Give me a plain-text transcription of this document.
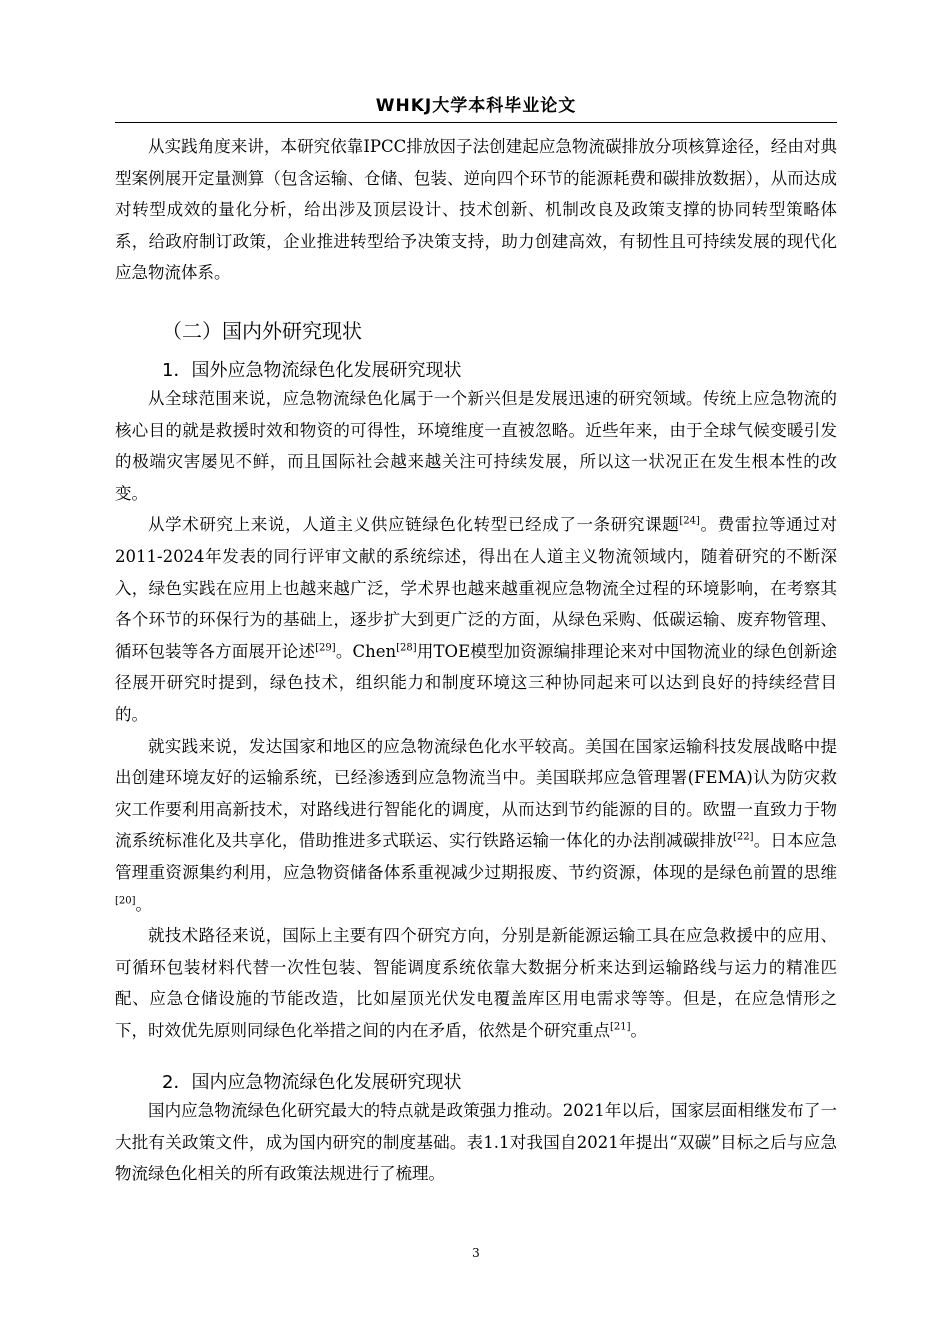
WHKJ大学本科毕业论文

从实践角度来讲，本研究依靠IPCC排放因子法创建起应急物流碳排放分项核算途径，经由对典型案例展开定量测算（包含运输、仓储、包装、逆向四个环节的能源耗费和碳排放数据），从而达成对转型成效的量化分析，给出涉及顶层设计、技术创新、机制改良及政策支撑的协同转型策略体系，给政府制订政策，企业推进转型给予决策支持，助力创建高效，有韧性且可持续发展的现代化应急物流体系。

（二）国内外研究现状
1．国外应急物流绿色化发展研究现状

从全球范围来说，应急物流绿色化属于一个新兴但是发展迅速的研究领域。传统上应急物流的核心目的就是救援时效和物资的可得性，环境维度一直被忽略。近些年来，由于全球气候变暖引发的极端灾害屡见不鲜，而且国际社会越来越关注可持续发展，所以这一状况正在发生根本性的改变。

从学术研究上来说，人道主义供应链绿色化转型已经成了一条研究课题[24]。费雷拉等通过对2011-2024年发表的同行评审文献的系统综述，得出在人道主义物流领域内，随着研究的不断深入，绿色实践在应用上也越来越广泛，学术界也越来越重视应急物流全过程的环境影响，在考察其各个环节的环保行为的基础上，逐步扩大到更广泛的方面，从绿色采购、低碳运输、废弃物管理、循环包装等各方面展开论述[29]。Chen[28]用TOE模型加资源编排理论来对中国物流业的绿色创新途径展开研究时提到，绿色技术，组织能力和制度环境这三种协同起来可以达到良好的持续经营目的。

就实践来说，发达国家和地区的应急物流绿色化水平较高。美国在国家运输科技发展战略中提出创建环境友好的运输系统，已经渗透到应急物流当中。美国联邦应急管理署(FEMA)认为防灾救灾工作要利用高新技术，对路线进行智能化的调度，从而达到节约能源的目的。欧盟一直致力于物流系统标准化及共享化，借助推进多式联运、实行铁路运输一体化的办法削减碳排放[22]。日本应急管理重资源集约利用，应急物资储备体系重视减少过期报废、节约资源，体现的是绿色前置的思维[20]。

就技术路径来说，国际上主要有四个研究方向，分别是新能源运输工具在应急救援中的应用、可循环包装材料代替一次性包装、智能调度系统依靠大数据分析来达到运输路线与运力的精准匹配、应急仓储设施的节能改造，比如屋顶光伏发电覆盖库区用电需求等等。但是，在应急情形之下，时效优先原则同绿色化举措之间的内在矛盾，依然是个研究重点[21]。

2．国内应急物流绿色化发展研究现状

国内应急物流绿色化研究最大的特点就是政策强力推动。2021年以后，国家层面相继发布了一大批有关政策文件，成为国内研究的制度基础。表1.1对我国自2021年提出“双碳”目标之后与应急物流绿色化相关的所有政策法规进行了梳理。

3
